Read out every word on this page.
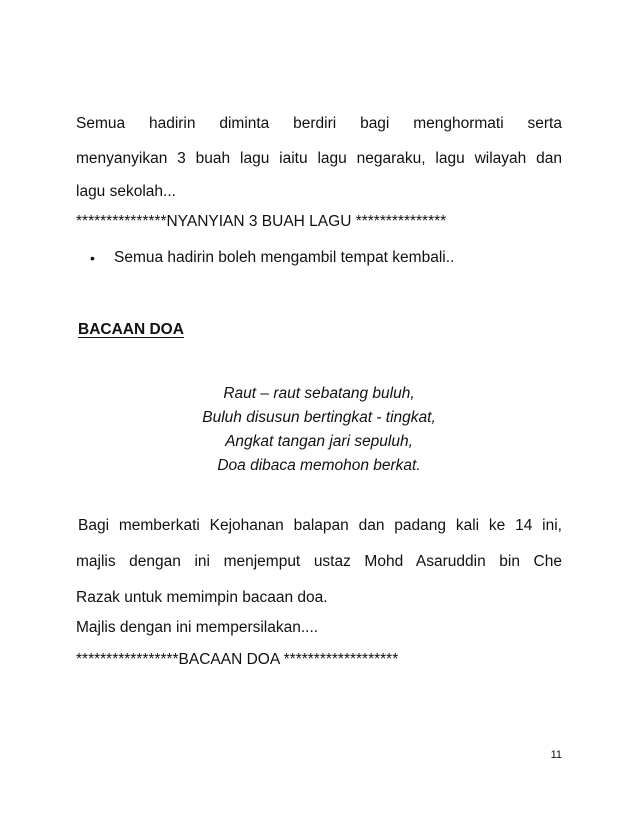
Semua hadirin diminta berdiri bagi menghormati serta
menyanyikan 3 buah lagu iaitu lagu negaraku, lagu wilayah dan
lagu sekolah...
***************NYANYIAN 3 BUAH LAGU ***************
• Semua hadirin boleh mengambil tempat kembali..
BACAAN DOA
Raut – raut sebatang buluh,
Buluh disusun bertingkat - tingkat,
Angkat tangan jari sepuluh,
Doa dibaca memohon berkat.
Bagi memberkati Kejohanan balapan dan padang kali ke 14 ini,
majlis dengan ini menjemput ustaz Mohd Asaruddin bin Che
Razak untuk memimpin bacaan doa.
Majlis dengan ini mempersilakan....
*****************BACAAN DOA *******************
11
